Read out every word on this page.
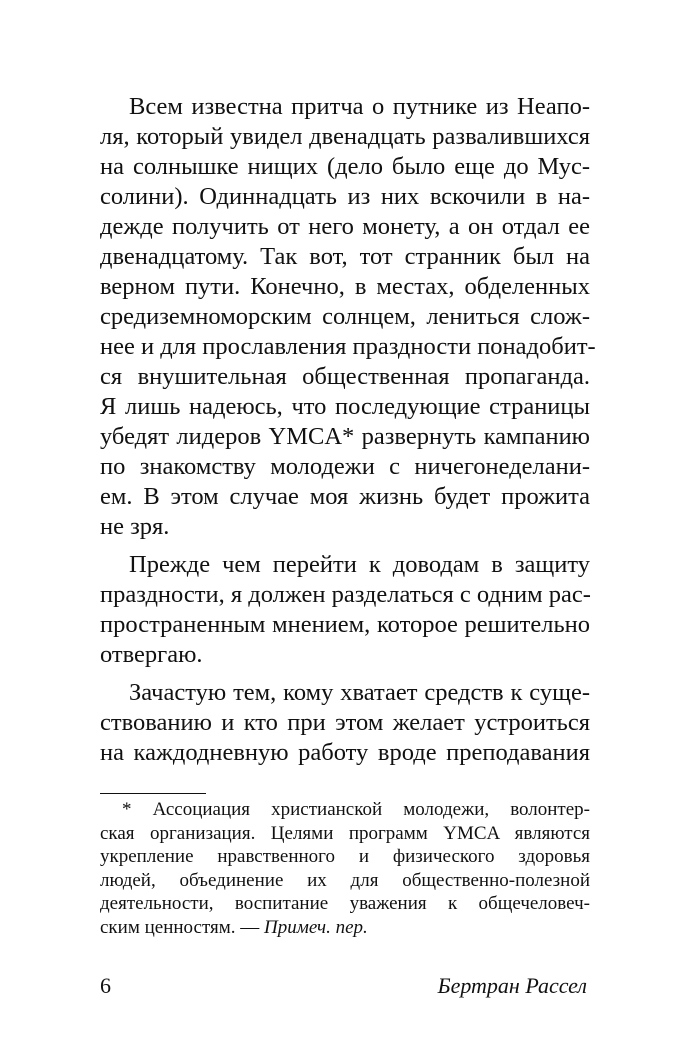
Всем известна притча о путнике из Неапо-
ля, который увидел двенадцать развалившихся
на солнышке нищих (дело было еще до Мус-
солини). Одиннадцать из них вскочили в на-
дежде получить от него монету, а он отдал ее
двенадцатому. Так вот, тот странник был на
верном пути. Конечно, в местах, обделенных
средиземноморским солнцем, лениться слож-
нее и для прославления праздности понадобит-
ся внушительная общественная пропаганда.
Я лишь надеюсь, что последующие страницы
убедят лидеров YMCA* развернуть кампанию
по знакомству молодежи с ничегонеделани-
ем. В этом случае моя жизнь будет прожита
не зря.
Прежде чем перейти к доводам в защиту
праздности, я должен разделаться с одним рас-
пространенным мнением, которое решительно
отвергаю.
Зачастую тем, кому хватает средств к суще-
ствованию и кто при этом желает устроиться
на каждодневную работу вроде преподавания
* Ассоциация христианской молодежи, волонтер-
ская организация. Целями программ YMCA являются
укрепление нравственного и физического здоровья
людей, объединение их для общественно-полезной
деятельности, воспитание уважения к общечеловеч-
ским ценностям. — Примеч. пер.
6	Бертран Рассел
